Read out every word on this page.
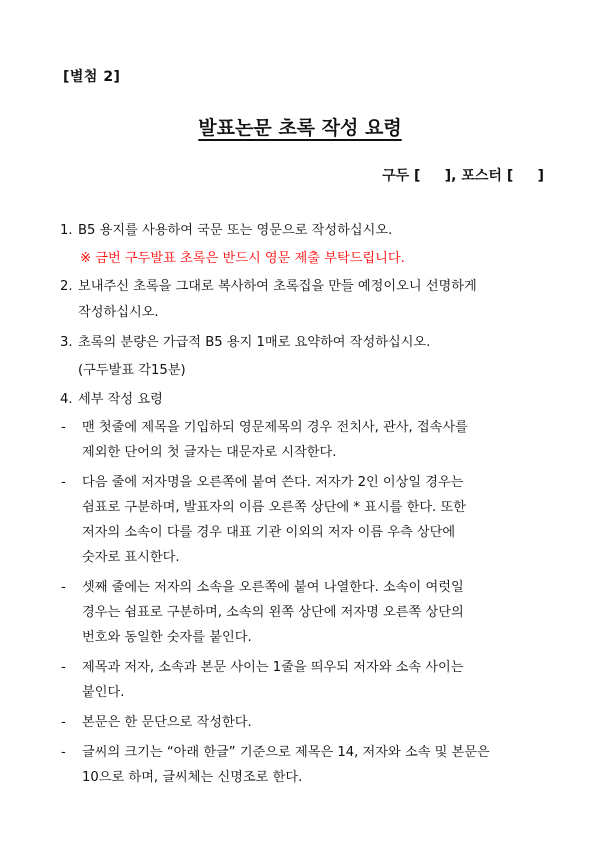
[별첨 2]
발표논문 초록 작성 요령
구두 [     ], 포스터 [     ]
1. B5 용지를 사용하여 국문 또는 영문으로 작성하십시오.
※ 금번 구두발표 초록은 반드시 영문 제출 부탁드립니다.
2. 보내주신 초록을 그대로 복사하여 초록집을 만들 예정이오니 선명하게
작성하십시오.
3. 초록의 분량은 가급적 B5 용지 1매로 요약하여 작성하십시오.
(구두발표 각15분)
4. 세부 작성 요령
- 맨 첫줄에 제목을 기입하되 영문제목의 경우 전치사, 관사, 접속사를
제외한 단어의 첫 글자는 대문자로 시작한다.
- 다음 줄에 저자명을 오른쪽에 붙여 쓴다. 저자가 2인 이상일 경우는
쉼표로 구분하며, 발표자의 이름 오른쪽 상단에 * 표시를 한다. 또한
저자의 소속이 다를 경우 대표 기관 이외의 저자 이름 우측 상단에
숫자로 표시한다.
- 셋째 줄에는 저자의 소속을 오른쪽에 붙여 나열한다. 소속이 여럿일
경우는 쉼표로 구분하며, 소속의 왼쪽 상단에 저자명 오른쪽 상단의
번호와 동일한 숫자를 붙인다.
- 제목과 저자, 소속과 본문 사이는 1줄을 띄우되 저자와 소속 사이는
붙인다.
- 본문은 한 문단으로 작성한다.
- 글씨의 크기는 “아래 한글” 기준으로 제목은 14, 저자와 소속 및 본문은
10으로 하며, 글씨체는 신명조로 한다.
